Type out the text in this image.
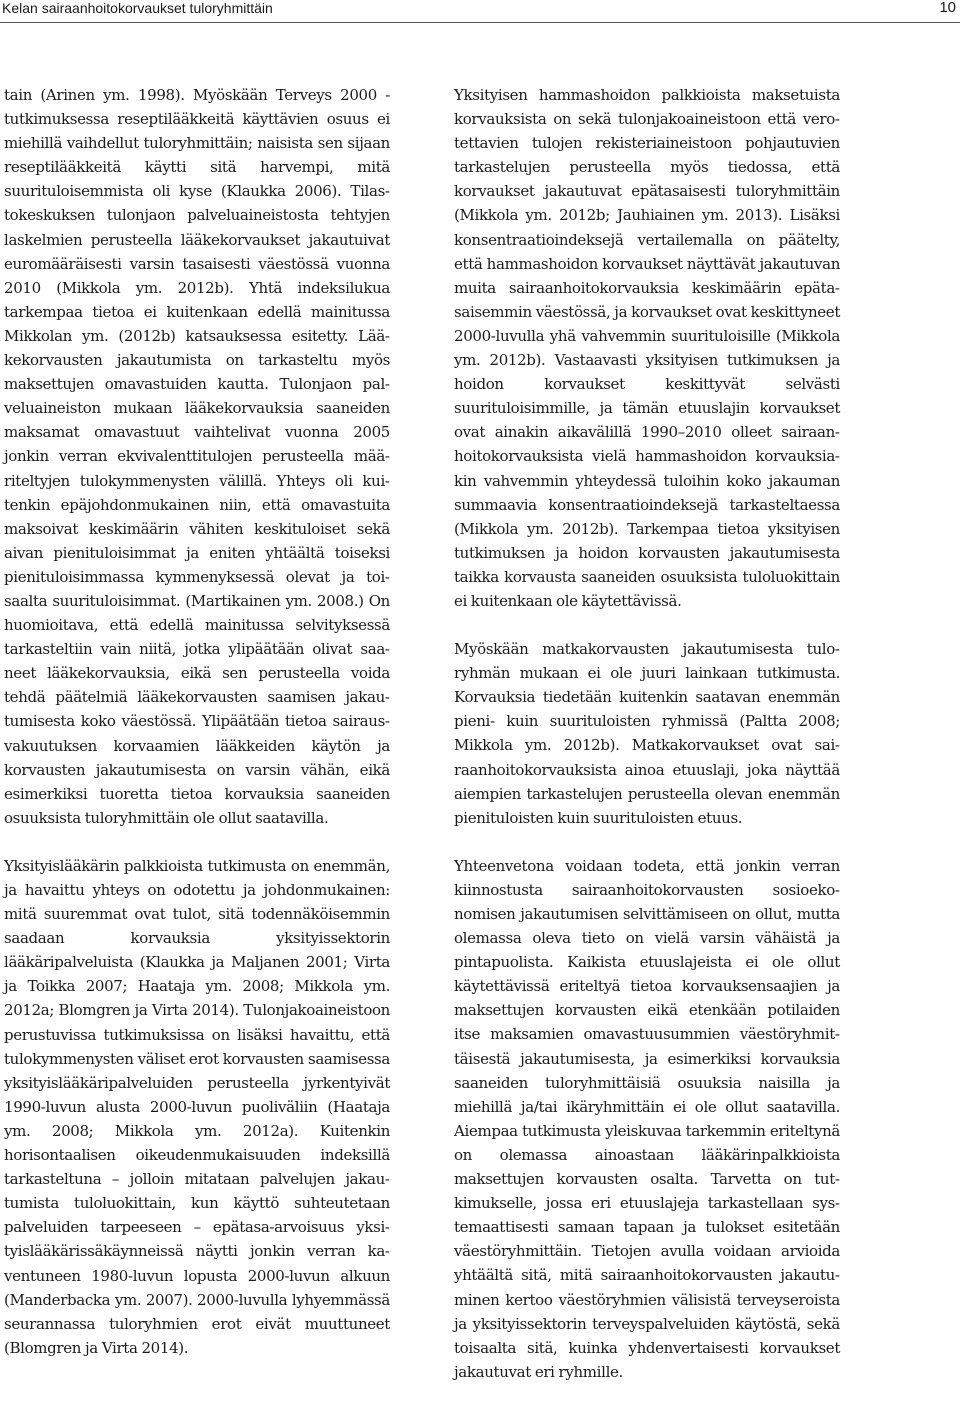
Kelan sairaanhoitokorvaukset tuloryhmittäin	10

tain (Arinen ym. 1998). Myöskään Terveys 2000 -tutkimuksessa reseptilääkkeitä käyttävien osuus ei miehillä vaihdellut tuloryhmittäin; naisista sen sijaan reseptilääkkeitä käytti sitä harvempi, mitä suurituloisemmista oli kyse (Klaukka 2006). Tilastokeskuksen tulonjaon palveluaineistosta tehtyjen laskelmien perusteella lääkekorvaukset jakautuivat euromääräisesti varsin tasaisesti väestössä vuonna 2010 (Mikkola ym. 2012b). Yhtä indeksilukua tarkempaa tietoa ei kuitenkaan edellä mainitussa Mikkolan ym. (2012b) katsauksessa esitetty. Lääkekorvausten jakautumista on tarkasteltu myös maksettujen omavastuiden kautta. Tulonjaon palveluaineiston mukaan lääkekorvauksia saaneiden maksamat omavastuut vaihtelivat vuonna 2005 jonkin verran ekvivalenttitulojen perusteella määriteltyjen tulokymmenysten välillä. Yhteys oli kuitenkin epäjohdonmukainen niin, että omavastuita maksoivat keskimäärin vähiten keskituloiset sekä aivan pienituloisimmat ja eniten yhtäältä toiseksi pienituloisimmassa kymmenyksessä olevat ja toisaalta suurituloisimmat. (Martikainen ym. 2008.) On huomioitava, että edellä mainitussa selvityksessä tarkasteltiin vain niitä, jotka ylipäätään olivat saaneet lääkekorvauksia, eikä sen perusteella voida tehdä päätelmiä lääkekorvausten saamisen jakautumisesta koko väestössä. Ylipäätään tietoa sairausvakuutuksen korvaamien lääkkeiden käytön ja korvausten jakautumisesta on varsin vähän, eikä esimerkiksi tuoretta tietoa korvauksia saaneiden osuuksista tuloryhmittäin ole ollut saatavilla.

Yksityislääkärin palkkioista tutkimusta on enemmän, ja havaittu yhteys on odotettu ja johdonmukainen: mitä suuremmat ovat tulot, sitä todennäköisemmin saadaan korvauksia yksityissektorin lääkäripalveluista (Klaukka ja Maljanen 2001; Virta ja Toikka 2007; Haataja ym. 2008; Mikkola ym. 2012a; Blomgren ja Virta 2014). Tulonjakoaineistoon perustuvissa tutkimuksissa on lisäksi havaittu, että tulokymmenysten väliset erot korvausten saamisessa yksityislääkäripalveluiden perusteella jyrkentyivät 1990-luvun alusta 2000-luvun puoliväliin (Haataja ym. 2008; Mikkola ym. 2012a). Kuitenkin horisontaalisen oikeudenmukaisuuden indeksillä tarkasteltuna – jolloin mitataan palvelujen jakautumista tuloluokittain, kun käyttö suhteutetaan palveluiden tarpeeseen – epätasa-arvoisuus yksityislääkärissäkäynneissä näytti jonkin verran kaventuneen 1980-luvun lopusta 2000-luvun alkuun (Manderbacka ym. 2007). 2000-luvulla lyhyemmässä seurannassa tuloryhmien erot eivät muuttuneet (Blomgren ja Virta 2014).

Yksityisen hammashoidon palkkioista maksetuista korvauksista on sekä tulonjakoaineistoon että verotettavien tulojen rekisteriaineistoon pohjautuvien tarkastelujen perusteella myös tiedossa, että korvaukset jakautuvat epätasaisesti tuloryhmittäin (Mikkola ym. 2012b; Jauhiainen ym. 2013). Lisäksi konsentraatioindeksejä vertailemalla on päätelty, että hammashoidon korvaukset näyttävät jakautuvan muita sairaanhoitokorvauksia keskimäärin epätasaisemmin väestössä, ja korvaukset ovat keskittyneet 2000-luvulla yhä vahvemmin suurituloisille (Mikkola ym. 2012b). Vastaavasti yksityisen tutkimuksen ja hoidon korvaukset keskittyvät selvästi suurituloisimmille, ja tämän etuuslajin korvaukset ovat ainakin aikavälillä 1990–2010 olleet sairaanhoitokorvauksista vielä hammashoidon korvauksiakin vahvemmin yhteydessä tuloihin koko jakauman summaavia konsentraatioindeksejä tarkasteltaessa (Mikkola ym. 2012b). Tarkempaa tietoa yksityisen tutkimuksen ja hoidon korvausten jakautumisesta taikka korvausta saaneiden osuuksista tuloluokittain ei kuitenkaan ole käytettävissä.

Myöskään matkakorvausten jakautumisesta tuloryhmän mukaan ei ole juuri lainkaan tutkimusta. Korvauksia tiedetään kuitenkin saatavan enemmän pieni- kuin suurituloisten ryhmissä (Paltta 2008; Mikkola ym. 2012b). Matkakorvaukset ovat sairaanhoitokorvauksista ainoa etuuslaji, joka näyttää aiempien tarkastelujen perusteella olevan enemmän pienituloisten kuin suurituloisten etuus.

Yhteenvetona voidaan todeta, että jonkin verran kiinnostusta sairaanhoitokorvausten sosioekonomisen jakautumisen selvittämiseen on ollut, mutta olemassa oleva tieto on vielä varsin vähäistä ja pintapuolista. Kaikista etuuslajeista ei ole ollut käytettävissä eriteltyä tietoa korvauksensaajien ja maksettujen korvausten eikä etenkään potilaiden itse maksamien omavastuusummien väestöryhmittäisestä jakautumisesta, ja esimerkiksi korvauksia saaneiden tuloryhmittäisiä osuuksia naisilla ja miehillä ja/tai ikäryhmittäin ei ole ollut saatavilla. Aiempaa tutkimusta yleiskuvaa tarkemmin eriteltynä on olemassa ainoastaan lääkärinpalkkioista maksettujen korvausten osalta. Tarvetta on tutkimukselle, jossa eri etuuslajeja tarkastellaan systemaattisesti samaan tapaan ja tulokset esitetään väestöryhmittäin. Tietojen avulla voidaan arvioida yhtäältä sitä, mitä sairaanhoitokorvausten jakautuminen kertoo väestöryhmien välisistä terveyseroista ja yksityissektorin terveyspalveluiden käytöstä, sekä toisaalta sitä, kuinka yhdenvertaisesti korvaukset jakautuvat eri ryhmille.
